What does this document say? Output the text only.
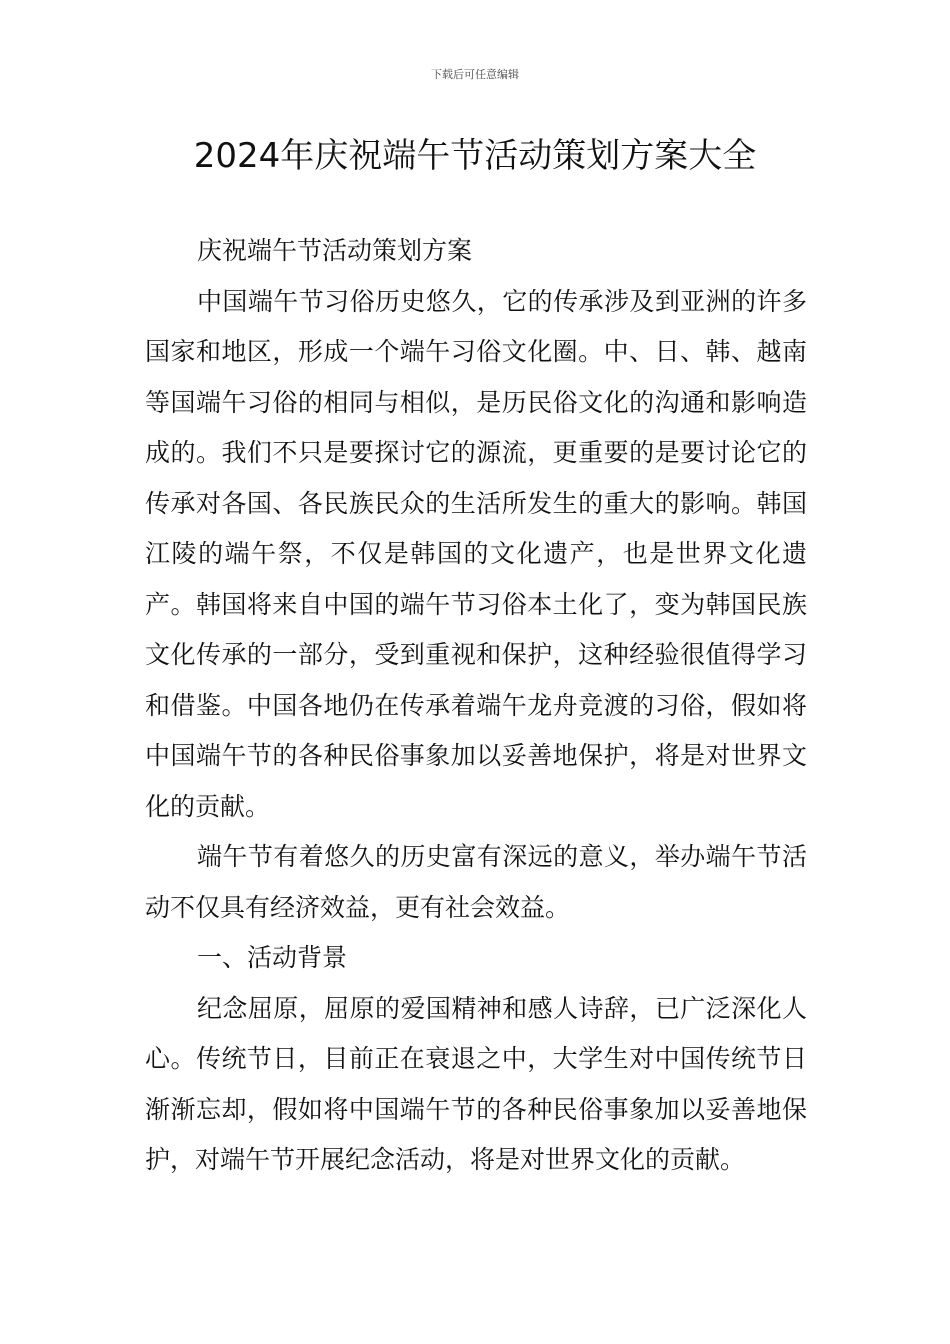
下载后可任意编辑
2024年庆祝端午节活动策划方案大全

庆祝端午节活动策划方案

中国端午节习俗历史悠久，它的传承涉及到亚洲的许多国家和地区，形成一个端午习俗文化圈。中、日、韩、越南等国端午习俗的相同与相似，是历民俗文化的沟通和影响造成的。我们不只是要探讨它的源流，更重要的是要讨论它的传承对各国、各民族民众的生活所发生的重大的影响。韩国江陵的端午祭，不仅是韩国的文化遗产，也是世界文化遗产。韩国将来自中国的端午节习俗本土化了，变为韩国民族文化传承的一部分，受到重视和保护，这种经验很值得学习和借鉴。中国各地仍在传承着端午龙舟竞渡的习俗，假如将中国端午节的各种民俗事象加以妥善地保护，将是对世界文化的贡献。

端午节有着悠久的历史富有深远的意义，举办端午节活动不仅具有经济效益，更有社会效益。

一、活动背景

纪念屈原，屈原的爱国精神和感人诗辞，已广泛深化人心。传统节日，目前正在衰退之中，大学生对中国传统节日渐渐忘却，假如将中国端午节的各种民俗事象加以妥善地保护，对端午节开展纪念活动，将是对世界文化的贡献。
